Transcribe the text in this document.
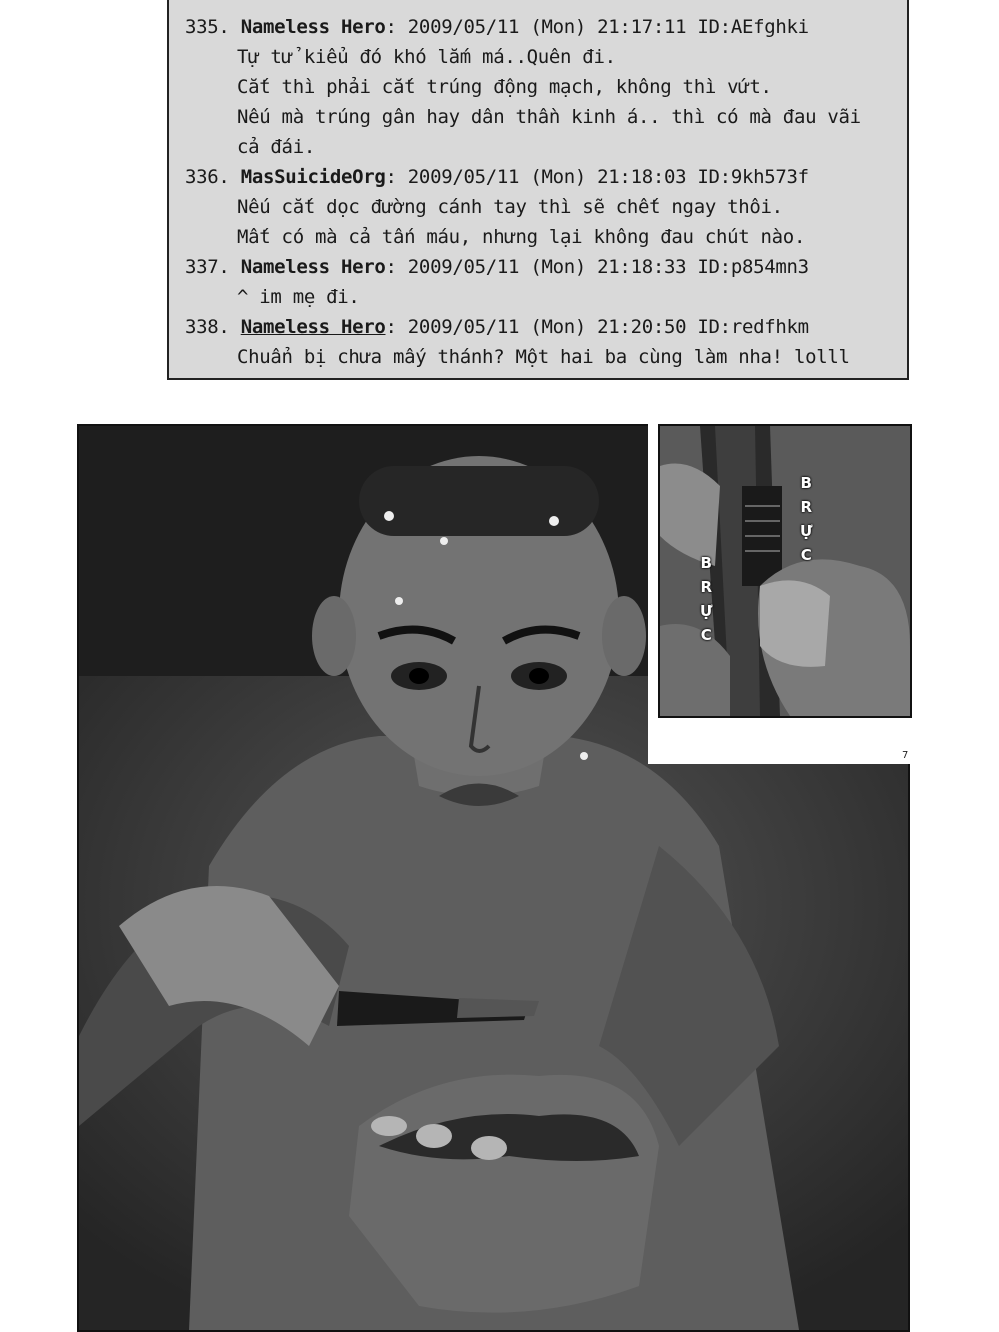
335. Nameless Hero: 2009/05/11 (Mon) 21:17:11 ID:AEfghki
Tự tử kiểu đó khó lắm má..Quên đi.
Cắt thì phải cắt trúng động mạch, không thì vứt.
Nếu mà trúng gân hay dân thần kinh á.. thì có mà đau vãi
cả đái.
336. MasSuicideOrg: 2009/05/11 (Mon) 21:18:03 ID:9kh573f
Nếu cắt dọc đường cánh tay thì sẽ chết ngay thôi.
Mất có mà cả tấn máu, nhưng lại không đau chút nào.
337. Nameless Hero: 2009/05/11 (Mon) 21:18:33 ID:p854mn3
^ im mẹ đi.
338. Nameless Hero: 2009/05/11 (Mon) 21:20:50 ID:redfhkm
Chuẩn bị chưa mấy thánh? Một hai ba cùng làm nha! lolll
B
R
Ự
C
B
R
Ự
C
7
